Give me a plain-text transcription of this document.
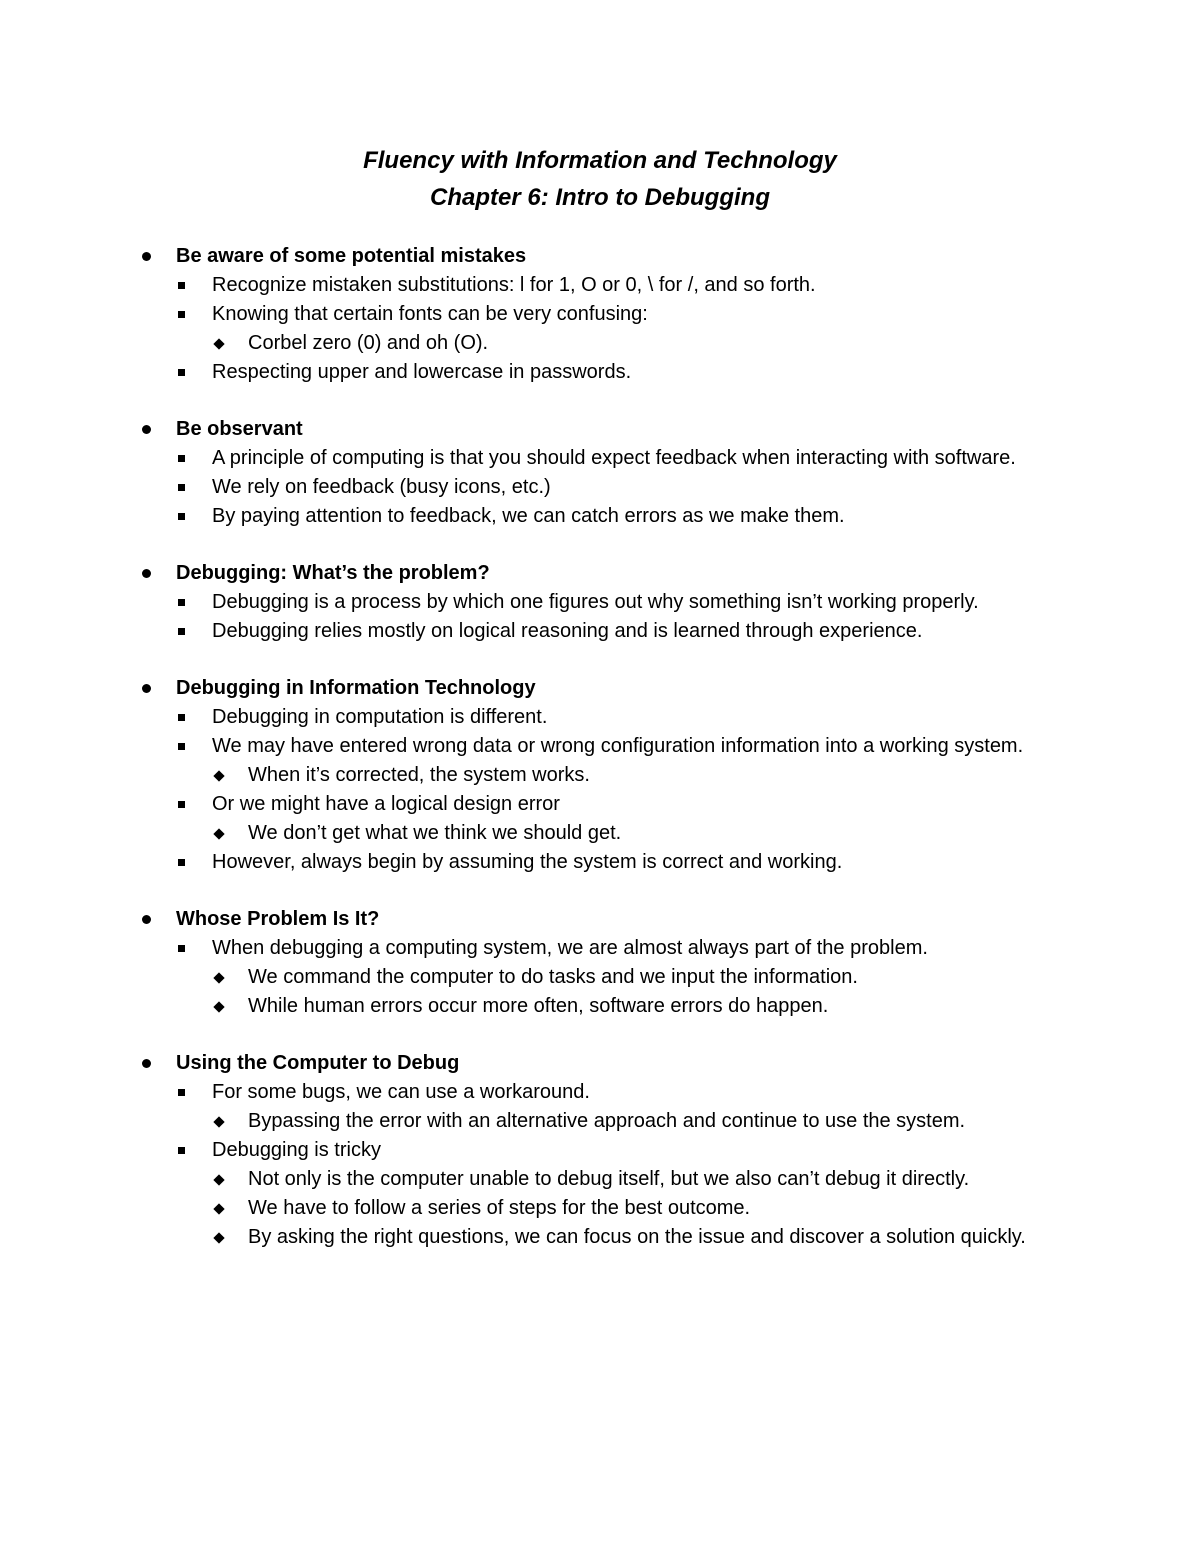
Fluency with Information and Technology
Chapter 6: Intro to Debugging
Be aware of some potential mistakes
Recognize mistaken substitutions: l for 1, O or 0, \ for /, and so forth.
Knowing that certain fonts can be very confusing:
Corbel zero (0) and oh (O).
Respecting upper and lowercase in passwords.
Be observant
A principle of computing is that you should expect feedback when interacting with software.
We rely on feedback (busy icons, etc.)
By paying attention to feedback, we can catch errors as we make them.
Debugging: What’s the problem?
Debugging is a process by which one figures out why something isn’t working properly.
Debugging relies mostly on logical reasoning and is learned through experience.
Debugging in Information Technology
Debugging in computation is different.
We may have entered wrong data or wrong configuration information into a working system.
When it’s corrected, the system works.
Or we might have a logical design error
We don’t get what we think we should get.
However, always begin by assuming the system is correct and working.
Whose Problem Is It?
When debugging a computing system, we are almost always part of the problem.
We command the computer to do tasks and we input the information.
While human errors occur more often, software errors do happen.
Using the Computer to Debug
For some bugs, we can use a workaround.
Bypassing the error with an alternative approach and continue to use the system.
Debugging is tricky
Not only is the computer unable to debug itself, but we also can’t debug it directly.
We have to follow a series of steps for the best outcome.
By asking the right questions, we can focus on the issue and discover a solution quickly.
